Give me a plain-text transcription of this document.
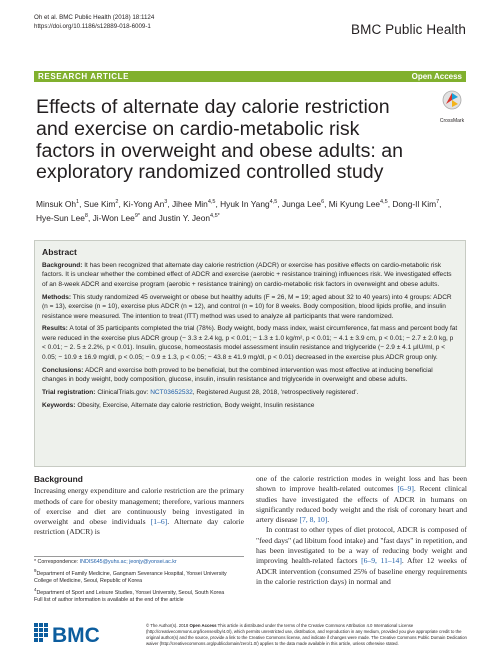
Oh et al. BMC Public Health (2018) 18:1124
https://doi.org/10.1186/s12889-018-6009-1	BMC Public Health
RESEARCH ARTICLE	Open Access
Effects of alternate day calorie restriction and exercise on cardio-metabolic risk factors in overweight and obese adults: an exploratory randomized controlled study
CrossMark
Minsuk Oh$^1$, Sue Kim$^2$, Ki-Yong An$^3$, Jihee Min$^{4,5}$, Hyuk In Yang$^{4,5}$, Junga Lee$^6$, Mi Kyung Lee$^{4,5}$, Dong-Il Kim$^7$,
Hye-Sun Lee$^8$, Ji-Won Lee$^{9*}$ and Justin Y. Jeon$^{4,5*}$
Abstract

Background: It has been recognized that alternate day calorie restriction (ADCR) or exercise has positive effects on cardio-metabolic risk factors. It is unclear whether the combined effect of ADCR and exercise (aerobic + resistance training) influences risk. We investigated effects of an 8-week ADCR and exercise program (aerobic + resistance training) on cardio-metabolic risk factors in overweight and obese adults.

Methods: This study randomized 45 overweight or obese but healthy adults (F = 26, M = 19; aged about 32 to 40 years) into 4 groups: ADCR (n = 13), exercise (n = 10), exercise plus ADCR (n = 12), and control (n = 10) for 8 weeks. Body composition, blood lipids profile, and insulin resistance were measured. The intention to treat (ITT) method was used to analyze all participants that were randomized.

Results: A total of 35 participants completed the trial (78%). Body weight, body mass index, waist circumference, fat mass and percent body fat were reduced in the exercise plus ADCR group (− 3.3 ± 2.4 kg, p < 0.01; − 1.3 ± 1.0 kg/m², p < 0.01; − 4.1 ± 3.9 cm, p < 0.01; − 2.7 ± 2.0 kg, p < 0.01; − 2. 5 ± 2.2%, p < 0.01). Insulin, glucose, homeostasis model assessment insulin resistance and triglyceride (− 2.9 ± 4.1 μIU/ml, p < 0.05; − 10.9 ± 16.9 mg/dl, p < 0.05; − 0.9 ± 1.3, p < 0.05; − 43.8 ± 41.9 mg/dl, p < 0.01) decreased in the exercise plus ADCR group only.

Conclusions: ADCR and exercise both proved to be beneficial, but the combined intervention was most effective at inducing beneficial changes in body weight, body composition, glucose, insulin, insulin resistance and triglyceride in overweight and obese adults.

Trial registration: ClinicalTrials.gov: NCT03652532, Registered August 28, 2018, 'retrospectively registered'.

Keywords: Obesity, Exercise, Alternate day calorie restriction, Body weight, Insulin resistance

Background

Increasing energy expenditure and calorie restriction are the primary methods of care for obesity management; therefore, various manners of exercise and diet are continuously being investigated in overweight and obese individuals [1–6]. Alternate day calorie restriction (ADCR) is

* Correspondence: INDIS645@yuhs.ac; jeonjy@yonsei.ac.kr
$^9$Department of Family Medicine, Gangnam Severance Hospital, Yonsei University College of Medicine, Seoul, Republic of Korea
$^4$Department of Sport and Leisure Studies, Yonsei University, Seoul, South Korea
Full list of author information is available at the end of the article

one of the calorie restriction modes in weight loss and has been shown to improve health-related outcomes [6–9]. Recent clinical studies have investigated the effects of ADCR in humans on significantly reduced body weight and the risk of coronary heart and artery disease [7, 8, 10].

In contrast to other types of diet protocol, ADCR is composed of "feed days" (ad libitum food intake) and "fast days" in repetition, and has been investigated to be a way of reducing body weight and improving health-related factors [6–9, 11–14]. After 12 weeks of ADCR intervention (consumed 25% of baseline energy requirements in the calorie restriction days) in normal and

BMC	© The Author(s). 2018 Open Access This article is distributed under the terms of the Creative Commons Attribution 4.0 International License (http://creativecommons.org/licenses/by/4.0/), which permits unrestricted use, distribution, and reproduction in any medium, provided you give appropriate credit to the original author(s) and the source, provide a link to the Creative Commons license, and indicate if changes were made. The Creative Commons Public Domain Dedication waiver (http://creativecommons.org/publicdomain/zero/1.0/) applies to the data made available in this article, unless otherwise stated.
